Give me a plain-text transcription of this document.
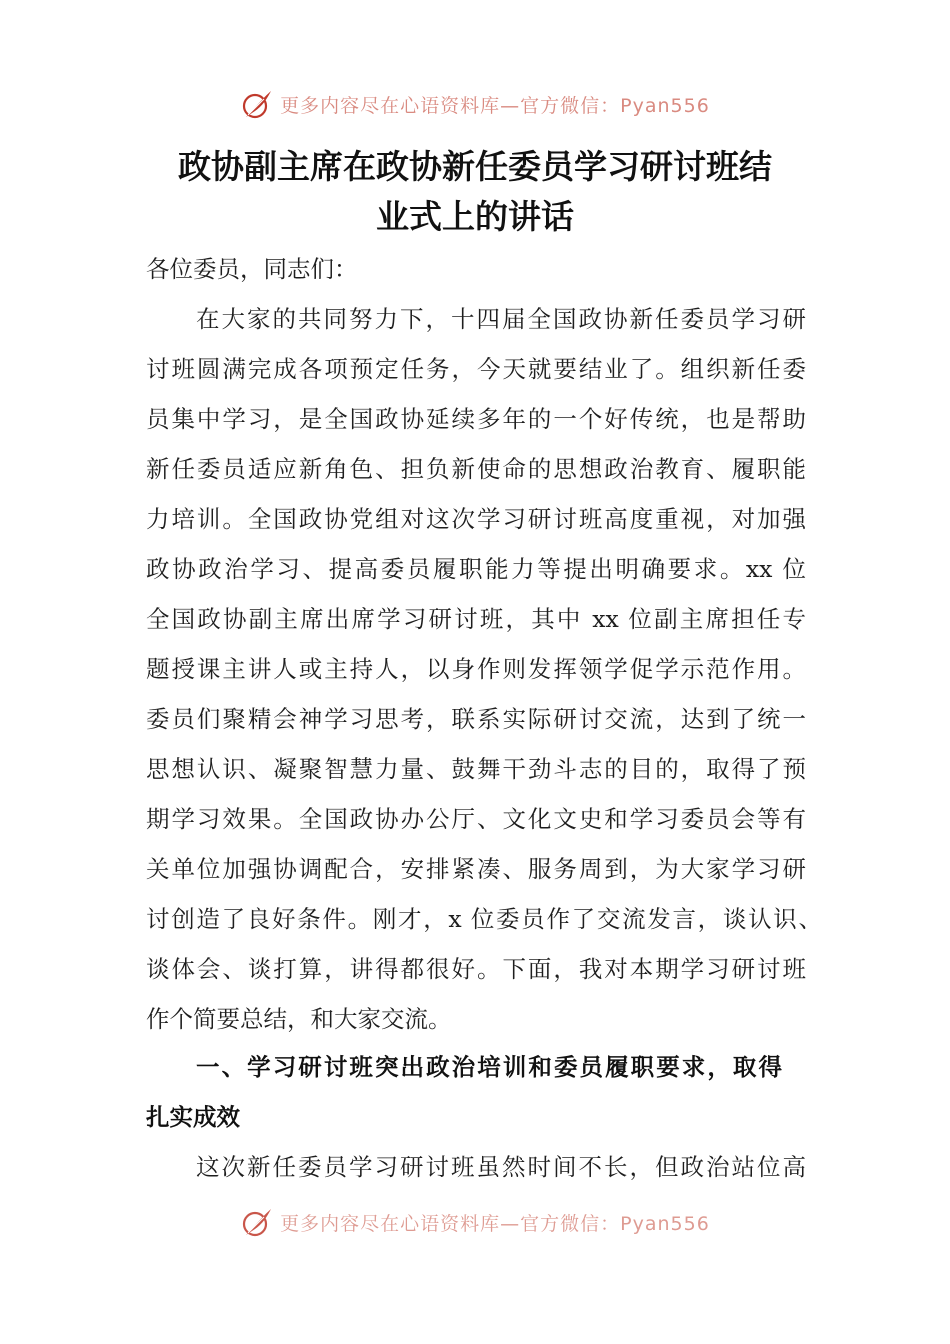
更多内容尽在心语资料库—官方微信：Pyan556
政协副主席在政协新任委员学习研讨班结
业式上的讲话
各位委员，同志们：
在大家的共同努力下，十四届全国政协新任委员学习研
讨班圆满完成各项预定任务，今天就要结业了。组织新任委
员集中学习，是全国政协延续多年的一个好传统，也是帮助
新任委员适应新角色、担负新使命的思想政治教育、履职能
力培训。全国政协党组对这次学习研讨班高度重视，对加强
政协政治学习、提高委员履职能力等提出明确要求。xx 位
全国政协副主席出席学习研讨班，其中 xx 位副主席担任专
题授课主讲人或主持人，以身作则发挥领学促学示范作用。
委员们聚精会神学习思考，联系实际研讨交流，达到了统一
思想认识、凝聚智慧力量、鼓舞干劲斗志的目的，取得了预
期学习效果。全国政协办公厅、文化文史和学习委员会等有
关单位加强协调配合，安排紧凑、服务周到，为大家学习研
讨创造了良好条件。刚才，x 位委员作了交流发言，谈认识、
谈体会、谈打算，讲得都很好。下面，我对本期学习研讨班
作个简要总结，和大家交流。
一、学习研讨班突出政治培训和委员履职要求，取得
扎实成效
这次新任委员学习研讨班虽然时间不长，但政治站位高
更多内容尽在心语资料库—官方微信：Pyan556
